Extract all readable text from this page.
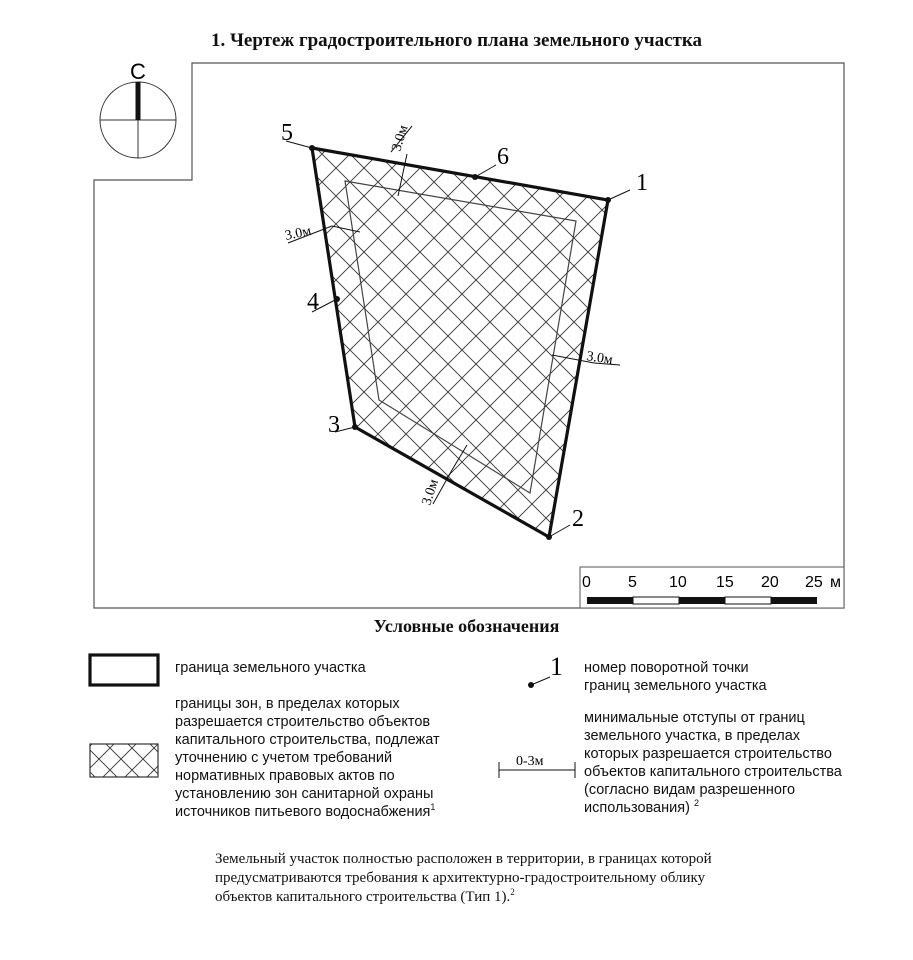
1. Чертеж градостроительного плана земельного участка
С
1
2
3
4
5
6
3.0м
3.0м
3.0м
3.0м
0 5 10 15 20 25 м
1
0-3м
Условные обозначения
граница земельного участка
границы зон, в пределах которых
разрешается строительство объектов
капитального строительства, подлежат
уточнению с учетом требований
нормативных правовых актов по
установлению зон санитарной охраны
источников питьевого водоснабжения$^1$
номер поворотной точки
границ земельного участка
минимальные отступы от границ
земельного участка, в пределах
которых разрешается строительство
объектов капитального строительства
(согласно видам разрешенного
использования) $^2$
Земельный участок полностью расположен в территории, в границах которой
предусматриваются требования к архитектурно-градостроительному облику
объектов капитального строительства (Тип 1).$^2$
